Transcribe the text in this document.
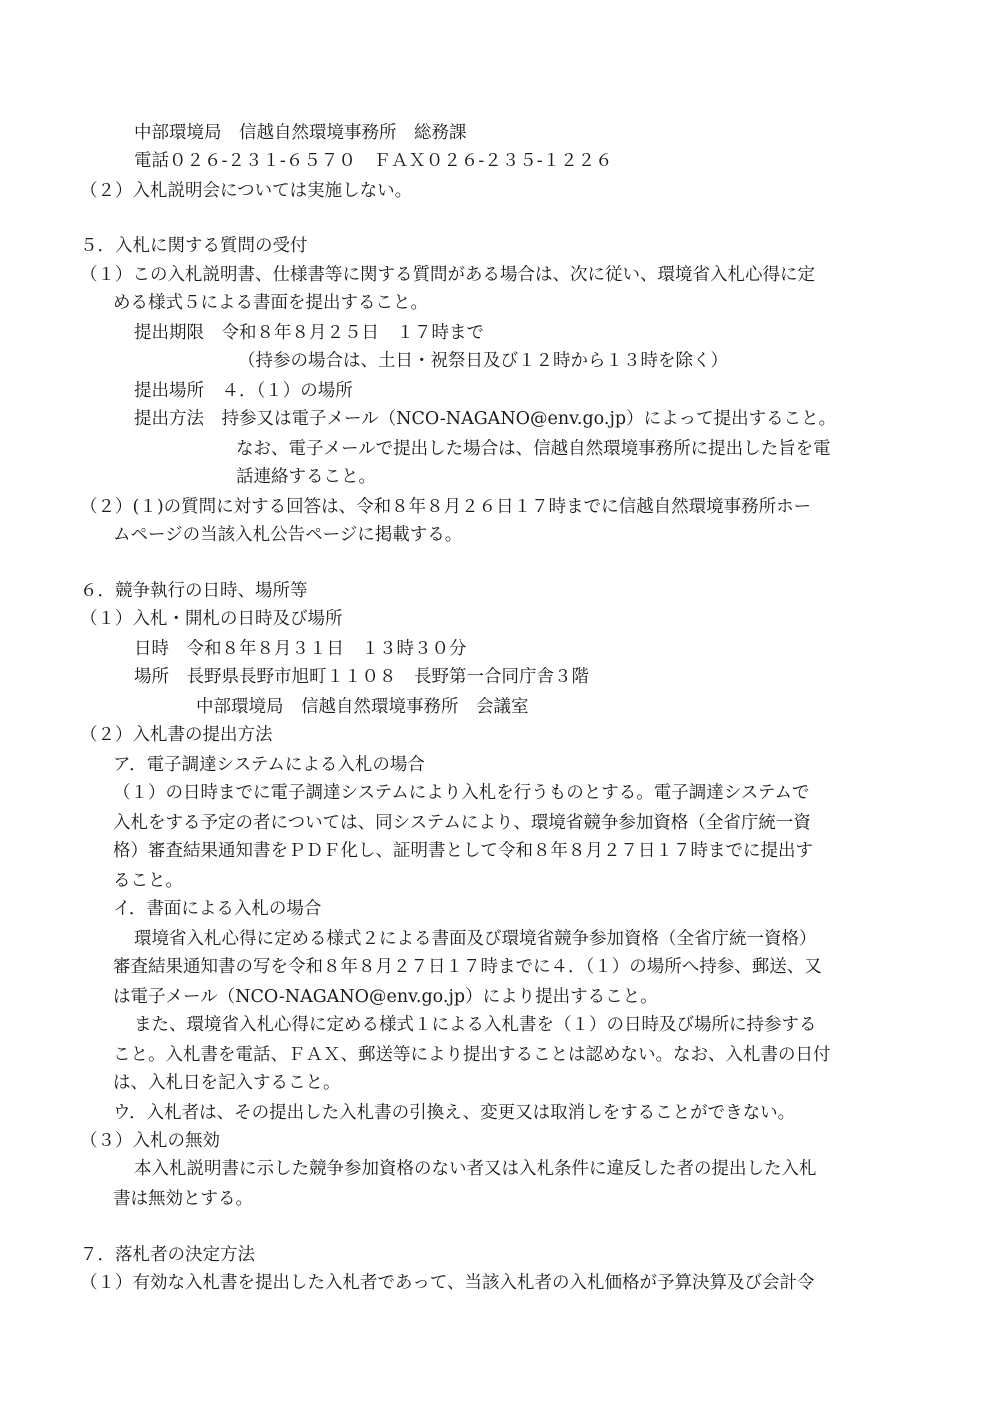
中部環境局　信越自然環境事務所　総務課
電話０２６-２３１-６５７０　ＦＡＸ０２６-２３５-１２２６
（２）入札説明会については実施しない。
５．入札に関する質問の受付
（１）この入札説明書、仕様書等に関する質問がある場合は、次に従い、環境省入札心得に定
める様式５による書面を提出すること。
提出期限　令和８年８月２５日　１７時まで
（持参の場合は、土日・祝祭日及び１２時から１３時を除く）
提出場所　４．（１）の場所
提出方法　持参又は電子メール（NCO-NAGANO@env.go.jp）によって提出すること。
なお、電子メールで提出した場合は、信越自然環境事務所に提出した旨を電
話連絡すること。
（２）(１)の質問に対する回答は、令和８年８月２６日１７時までに信越自然環境事務所ホー
ムページの当該入札公告ページに掲載する。
６．競争執行の日時、場所等
（１）入札・開札の日時及び場所
日時　令和８年８月３１日　１３時３０分
場所　長野県長野市旭町１１０８　長野第一合同庁舎３階
中部環境局　信越自然環境事務所　会議室
（２）入札書の提出方法
ア．電子調達システムによる入札の場合
（１）の日時までに電子調達システムにより入札を行うものとする。電子調達システムで
入札をする予定の者については、同システムにより、環境省競争参加資格（全省庁統一資
格）審査結果通知書をＰＤＦ化し、証明書として令和８年８月２７日１７時までに提出す
ること。
イ．書面による入札の場合
環境省入札心得に定める様式２による書面及び環境省競争参加資格（全省庁統一資格）
審査結果通知書の写を令和８年８月２７日１７時までに４．（１）の場所へ持参、郵送、又
は電子メール（NCO-NAGANO@env.go.jp）により提出すること。
また、環境省入札心得に定める様式１による入札書を（１）の日時及び場所に持参する
こと。入札書を電話、ＦＡＸ、郵送等により提出することは認めない。なお、入札書の日付
は、入札日を記入すること。
ウ．入札者は、その提出した入札書の引換え、変更又は取消しをすることができない。
（３）入札の無効
本入札説明書に示した競争参加資格のない者又は入札条件に違反した者の提出した入札
書は無効とする。
７．落札者の決定方法
（１）有効な入札書を提出した入札者であって、当該入札者の入札価格が予算決算及び会計令
